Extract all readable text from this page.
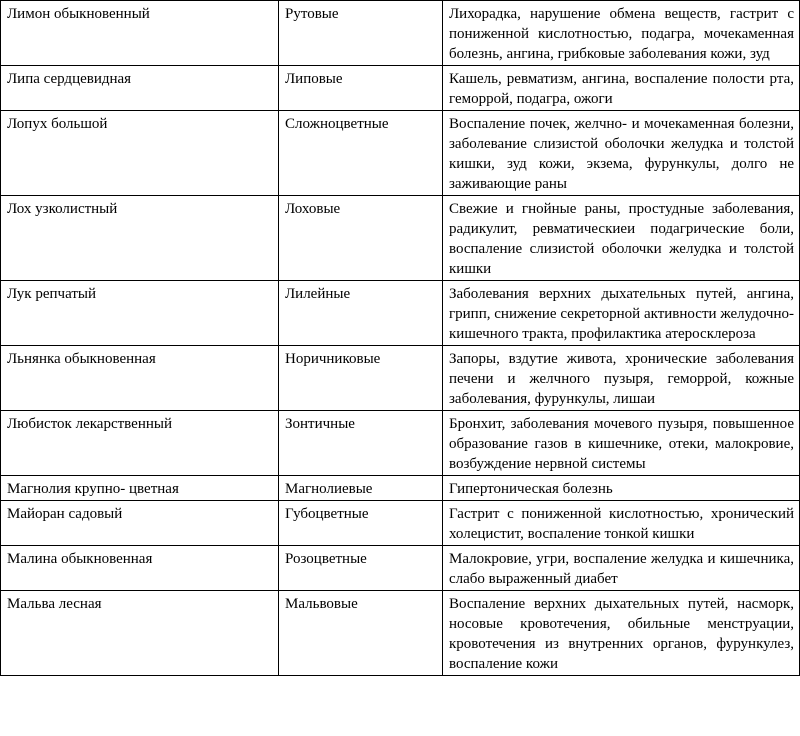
Лимон обыкновенный	Рутовые	Лихорадка, нарушение обмена веществ, гастрит с пониженной кислотностью, подагра, мочекаменная болезнь, ангина, грибковые заболевания кожи, зуд
Липа сердцевидная	Липовые	Кашель, ревматизм, ангина, воспаление полости рта, геморрой, подагра, ожоги
Лопух большой	Сложноцветные	Воспаление почек, желчно- и мочекаменная болезни, заболевание слизистой оболочки желудка и толстой кишки, зуд кожи, экзема, фурункулы, долго не заживающие раны
Лох узколистный	Лоховые	Свежие и гнойные раны, простудные заболевания, радикулит, ревматическиеи подагрические боли, воспаление слизистой оболочки желудка и толстой кишки
Лук репчатый	Лилейные	Заболевания верхних дыхательных путей, ангина, грипп, снижение секреторной активности желудочно-кишечного тракта, профилактика атеросклероза
Льнянка обыкновенная	Норичниковые	Запоры, вздутие живота, хронические заболевания печени и желчного пузыря, геморрой, кожные заболевания, фурункулы, лишаи
Любисток лекарственный	Зонтичные	Бронхит, заболевания мочевого пузыря, повышенное образование газов в кишечнике, отеки, малокровие, возбуждение нервной системы
Магнолия крупно- цветная	Магнолиевые	Гипертоническая болезнь
Майоран садовый	Губоцветные	Гастрит с пониженной кислотностью, хронический холецистит, воспаление тонкой кишки
Малина обыкновенная	Розоцветные	Малокровие, угри, воспаление желудка и кишечника, слабо выраженный диабет
Мальва лесная	Мальвовые	Воспаление верхних дыхательных путей, насморк, носовые кровотечения, обильные менструации, кровотечения из внутренних органов, фурункулез, воспаление кожи
